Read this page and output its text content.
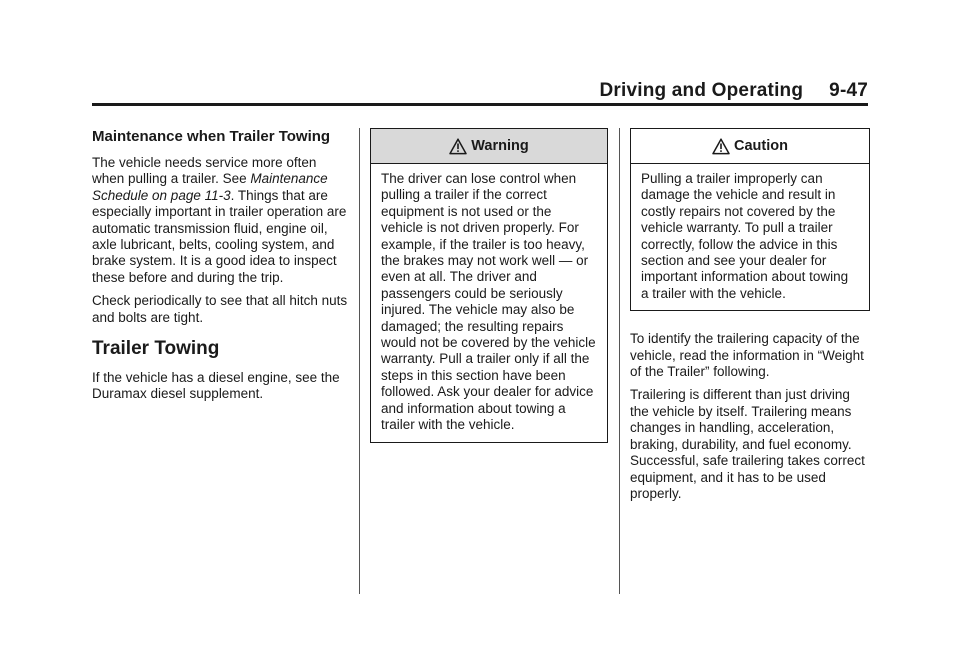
Driving and Operating 9-47
Maintenance when Trailer Towing

The vehicle needs service more often when pulling a trailer. See Maintenance Schedule on page 11-3. Things that are especially important in trailer operation are automatic transmission fluid, engine oil, axle lubricant, belts, cooling system, and brake system. It is a good idea to inspect these before and during the trip.

Check periodically to see that all hitch nuts and bolts are tight.

Trailer Towing

If the vehicle has a diesel engine, see the Duramax diesel supplement.

Warning

The driver can lose control when pulling a trailer if the correct equipment is not used or the vehicle is not driven properly. For example, if the trailer is too heavy, the brakes may not work well — or even at all. The driver and passengers could be seriously injured. The vehicle may also be damaged; the resulting repairs would not be covered by the vehicle warranty. Pull a trailer only if all the steps in this section have been followed. Ask your dealer for advice and information about towing a trailer with the vehicle.

Caution

Pulling a trailer improperly can damage the vehicle and result in costly repairs not covered by the vehicle warranty. To pull a trailer correctly, follow the advice in this section and see your dealer for important information about towing a trailer with the vehicle.

To identify the trailering capacity of the vehicle, read the information in “Weight of the Trailer” following.

Trailering is different than just driving the vehicle by itself. Trailering means changes in handling, acceleration, braking, durability, and fuel economy. Successful, safe trailering takes correct equipment, and it has to be used properly.
